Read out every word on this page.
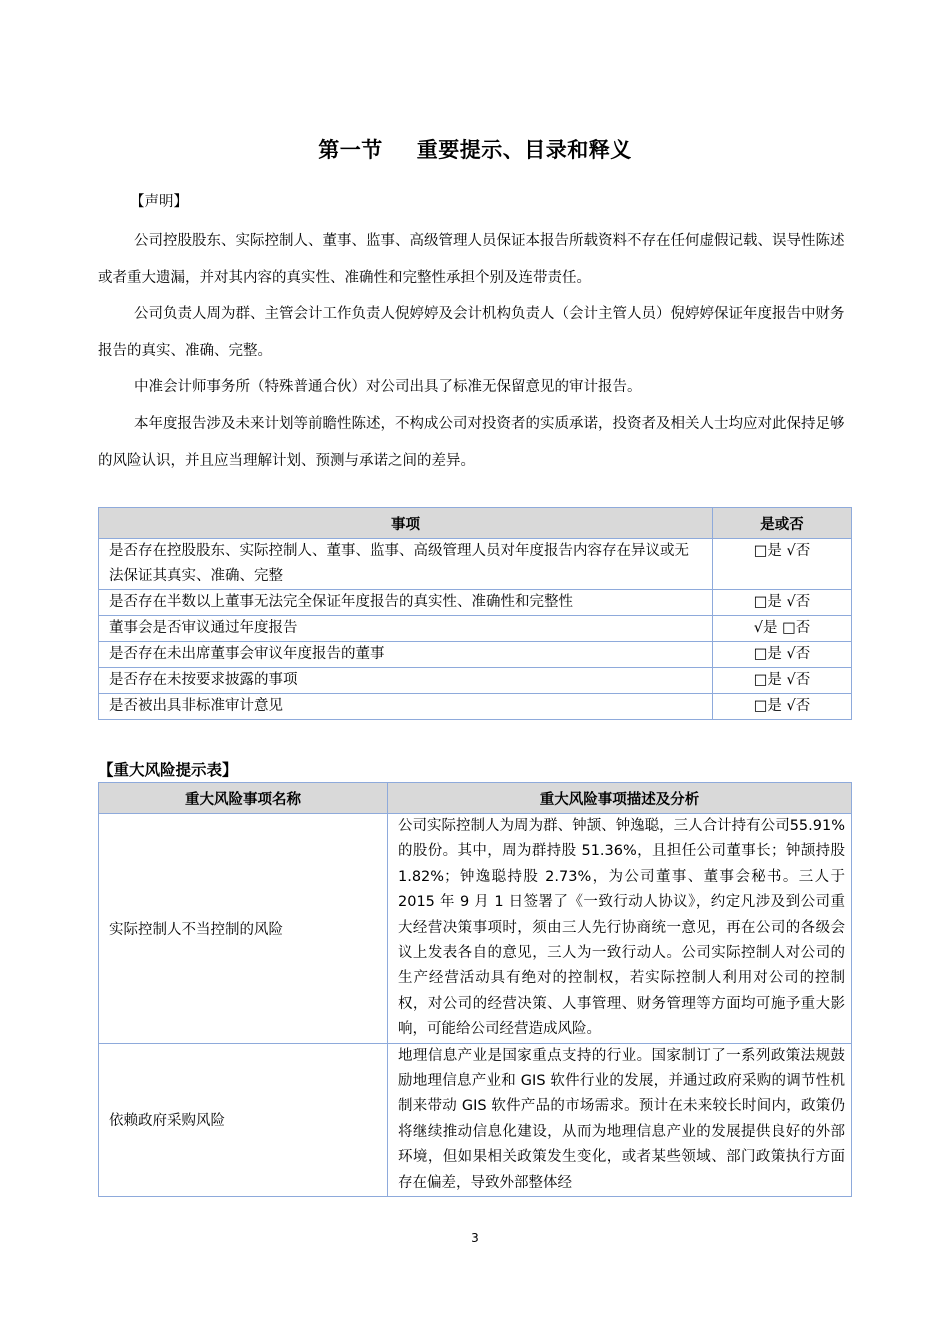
第一节 重要提示、目录和释义
【声明】
公司控股股东、实际控制人、董事、监事、高级管理人员保证本报告所载资料不存在任何虚假记载、误导性陈述或者重大遗漏，并对其内容的真实性、准确性和完整性承担个别及连带责任。
公司负责人周为群、主管会计工作负责人倪婷婷及会计机构负责人（会计主管人员）倪婷婷保证年度报告中财务报告的真实、准确、完整。
中准会计师事务所（特殊普通合伙）对公司出具了标准无保留意见的审计报告。
本年度报告涉及未来计划等前瞻性陈述，不构成公司对投资者的实质承诺，投资者及相关人士均应对此保持足够的风险认识，并且应当理解计划、预测与承诺之间的差异。
事项	是或否
是否存在控股股东、实际控制人、董事、监事、高级管理人员对年度报告内容存在异议或无法保证其真实、准确、完整	□是 √否
是否存在半数以上董事无法完全保证年度报告的真实性、准确性和完整性	□是 √否
董事会是否审议通过年度报告	√是 □否
是否存在未出席董事会审议年度报告的董事	□是 √否
是否存在未按要求披露的事项	□是 √否
是否被出具非标准审计意见	□是 √否
【重大风险提示表】
重大风险事项名称	重大风险事项描述及分析
实际控制人不当控制的风险	公司实际控制人为周为群、钟颉、钟逸聪，三人合计持有公司55.91%的股份。其中，周为群持股 51.36%，且担任公司董事长；钟颉持股 1.82%；钟逸聪持股 2.73%，为公司董事、董事会秘书。三人于 2015 年 9 月 1 日签署了《一致行动人协议》，约定凡涉及到公司重大经营决策事项时，须由三人先行协商统一意见，再在公司的各级会议上发表各自的意见，三人为一致行动人。公司实际控制人对公司的生产经营活动具有绝对的控制权，若实际控制人利用对公司的控制权，对公司的经营决策、人事管理、财务管理等方面均可施予重大影响，可能给公司经营造成风险。
依赖政府采购风险	地理信息产业是国家重点支持的行业。国家制订了一系列政策法规鼓励地理信息产业和 GIS 软件行业的发展，并通过政府采购的调节性机制来带动 GIS 软件产品的市场需求。预计在未来较长时间内，政策仍将继续推动信息化建设，从而为地理信息产业的发展提供良好的外部环境，但如果相关政策发生变化，或者某些领域、部门政策执行方面存在偏差，导致外部整体经
3
